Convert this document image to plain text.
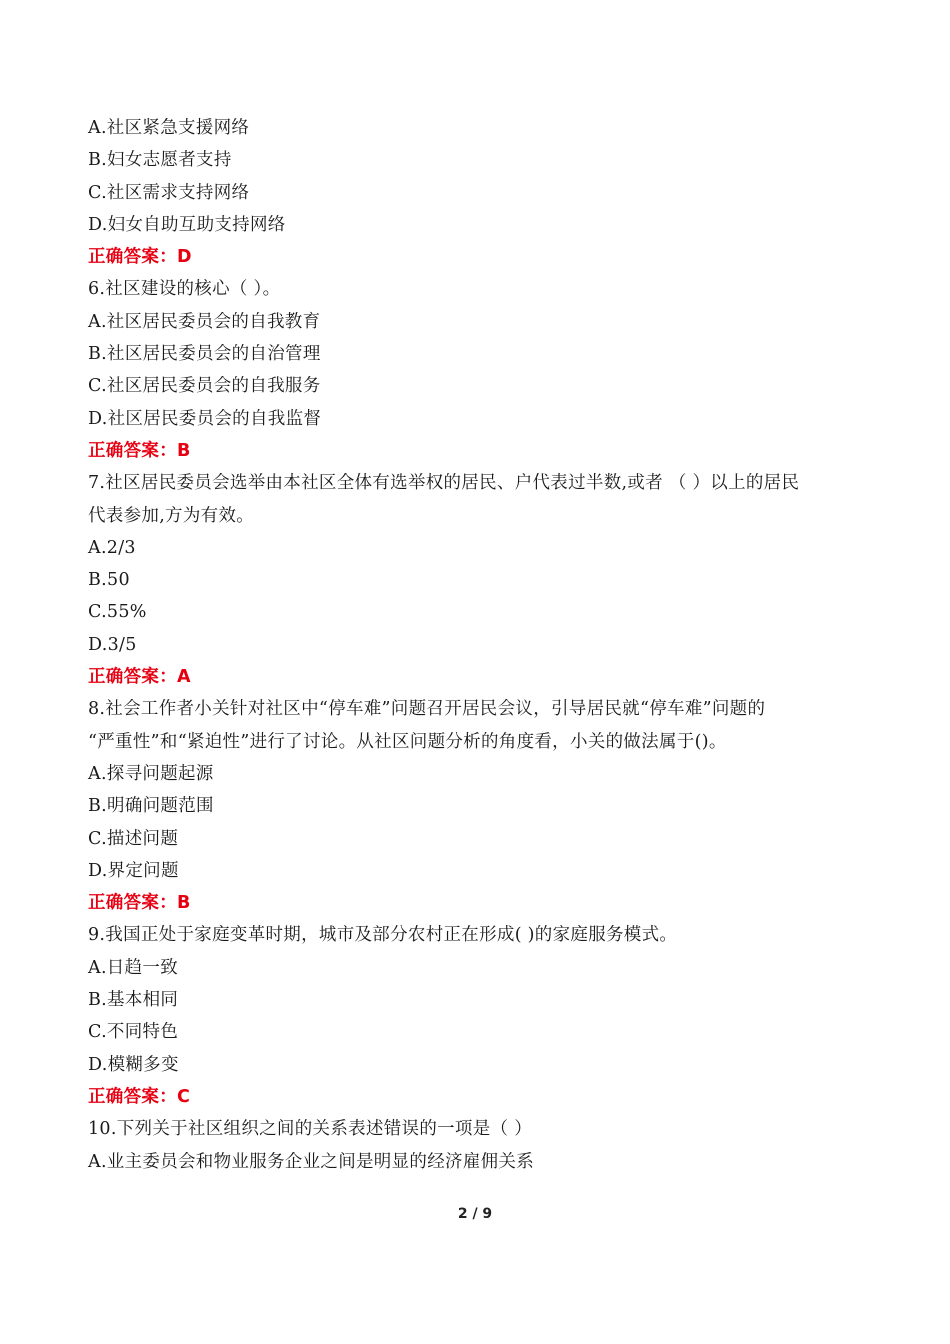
A.社区紧急支援网络
B.妇女志愿者支持
C.社区需求支持网络
D.妇女自助互助支持网络
正确答案：D
6.社区建设的核心（ ）。
A.社区居民委员会的自我教育
B.社区居民委员会的自治管理
C.社区居民委员会的自我服务
D.社区居民委员会的自我监督
正确答案：B
7.社区居民委员会选举由本社区全体有选举权的居民、户代表过半数,或者 （ ）以上的居民
代表参加,方为有效。
A.2/3
B.50
C.55%
D.3/5
正确答案：A
8.社会工作者小关针对社区中“停车难”问题召开居民会议，引导居民就“停车难”问题的
“严重性”和“紧迫性”进行了讨论。从社区问题分析的角度看，小关的做法属于()。
A.探寻问题起源
B.明确问题范围
C.描述问题
D.界定问题
正确答案：B
9.我国正处于家庭变革时期，城市及部分农村正在形成( )的家庭服务模式。
A.日趋一致
B.基本相同
C.不同特色
D.模糊多变
正确答案：C
10.下列关于社区组织之间的关系表述错误的一项是（ ）
A.业主委员会和物业服务企业之间是明显的经济雇佣关系
2 / 9
